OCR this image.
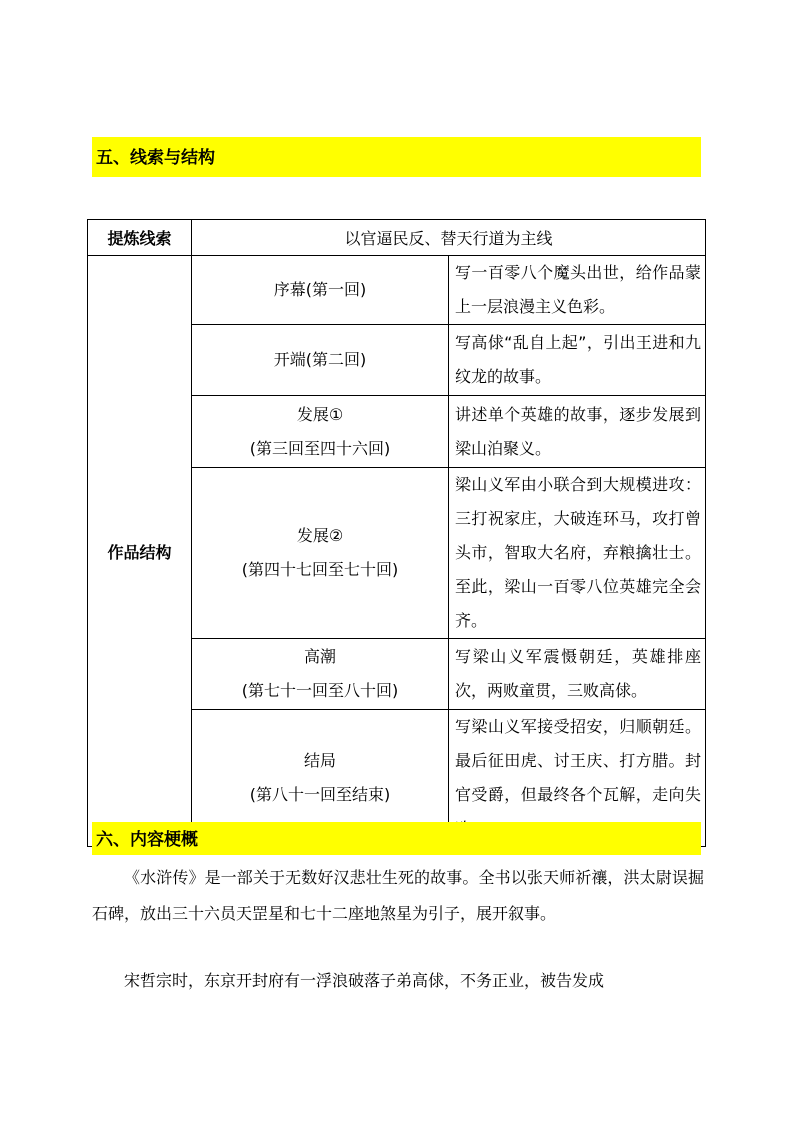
五、线索与结构
提炼线索	以官逼民反、替天行道为主线	
作品结构	序幕(第一回)	写一百零八个魔头出世，给作品蒙上一层浪漫主义色彩。

	开端(第二回)	写高俅“乱自上起”，引出王进和九纹龙的故事。

	发展①
(第三回至四十六回)	讲述单个英雄的故事，逐步发展到梁山泊聚义。

	发展②
(第四十七回至七十回)	梁山义军由小联合到大规模进攻：三打祝家庄，大破连环马，攻打曾头市，智取大名府，弃粮擒壮士。至此，梁山一百零八位英雄完全会齐。

	高潮
(第七十一回至八十回)	写梁山义军震慑朝廷，英雄排座次，两败童贯，三败高俅。

	结局
(第八十一回至结束)	写梁山义军接受招安，归顺朝廷。最后征田虎、讨王庆、打方腊。封官受爵，但最终各个瓦解，走向失
六、内容梗概

《水浒传》是一部关于无数好汉悲壮生死的故事。全书以张天师祈禳，洪太尉误掘石碑，放出三十六员天罡星和七十二座地煞星为引子，展开叙事。

宋哲宗时，东京开封府有一浮浪破落子弟高俅，不务正业，被告发成
